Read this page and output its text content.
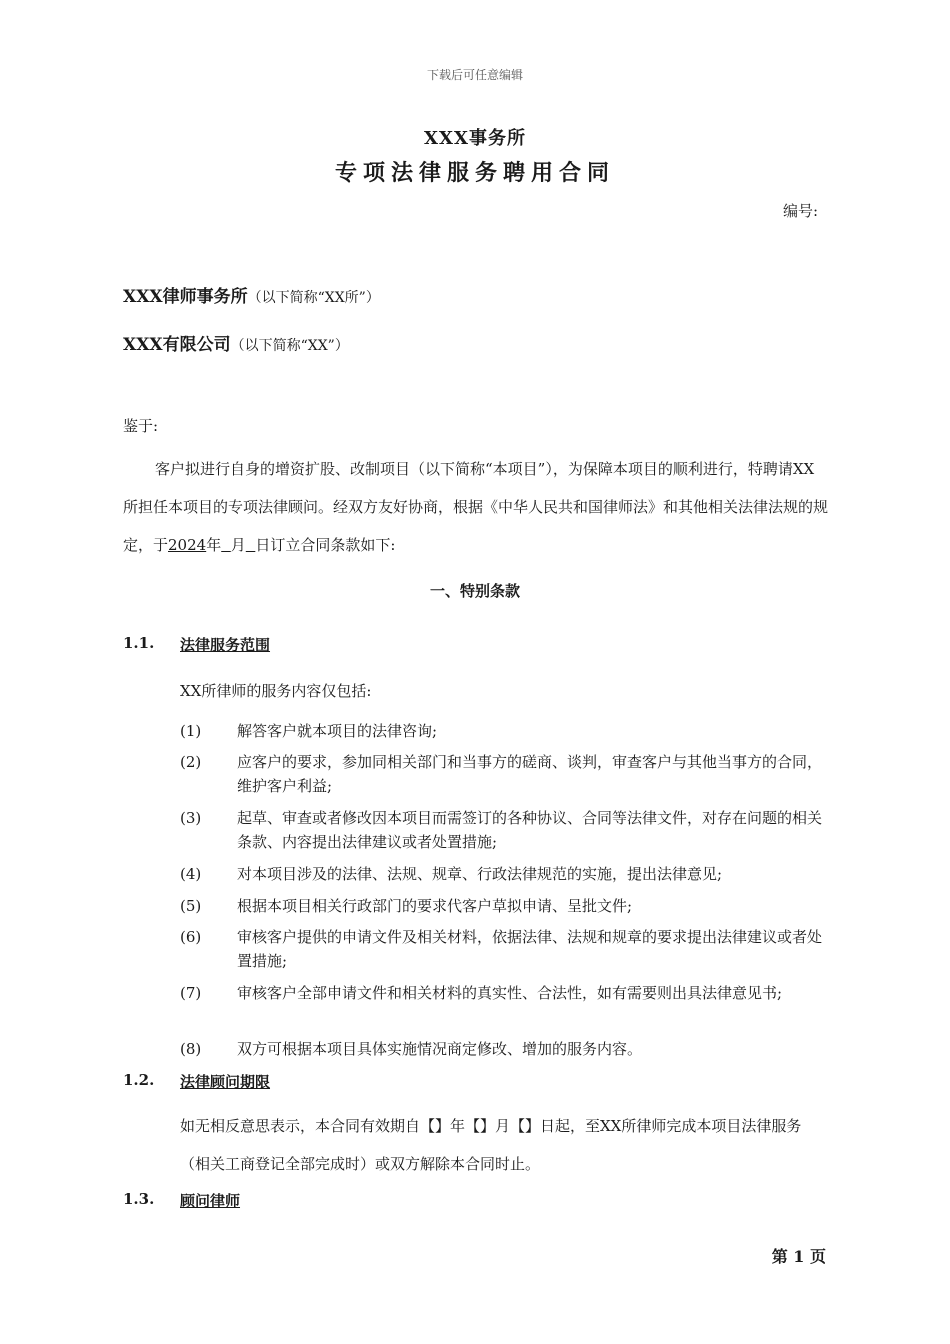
下载后可任意编辑
XXX事务所
专项法律服务聘用合同
编号:
XXX律师事务所（以下简称“XX所”）
XXX有限公司（以下简称“XX”）
鉴于:
客户拟进行自身的增资扩股、改制项目（以下简称“本项目”），为保障本项目的顺利进行，特聘请XX所担任本项目的专项法律顾问。经双方友好协商，根据《中华人民共和国律师法》和其他相关法律法规的规定，于2024年 月 日订立合同条款如下:
一、特别条款
1.1. 法律服务范围
XX所律师的服务内容仅包括:
(1) 解答客户就本项目的法律咨询;
(2) 应客户的要求，参加同相关部门和当事方的磋商、谈判，审查客户与其他当事方的合同，维护客户利益;
(3) 起草、审查或者修改因本项目而需签订的各种协议、合同等法律文件，对存在问题的相关条款、内容提出法律建议或者处置措施;
(4) 对本项目涉及的法律、法规、规章、行政法律规范的实施，提出法律意见;
(5) 根据本项目相关行政部门的要求代客户草拟申请、呈批文件;
(6) 审核客户提供的申请文件及相关材料，依据法律、法规和规章的要求提出法律建议或者处置措施;
(7) 审核客户全部申请文件和相关材料的真实性、合法性，如有需要则出具法律意见书;
(8) 双方可根据本项目具体实施情况商定修改、增加的服务内容。
1.2. 法律顾问期限
如无相反意思表示，本合同有效期自【】年【】月【】日起，至XX所律师完成本项目法律服务（相关工商登记全部完成时）或双方解除本合同时止。
1.3. 顾问律师
第 1 页
